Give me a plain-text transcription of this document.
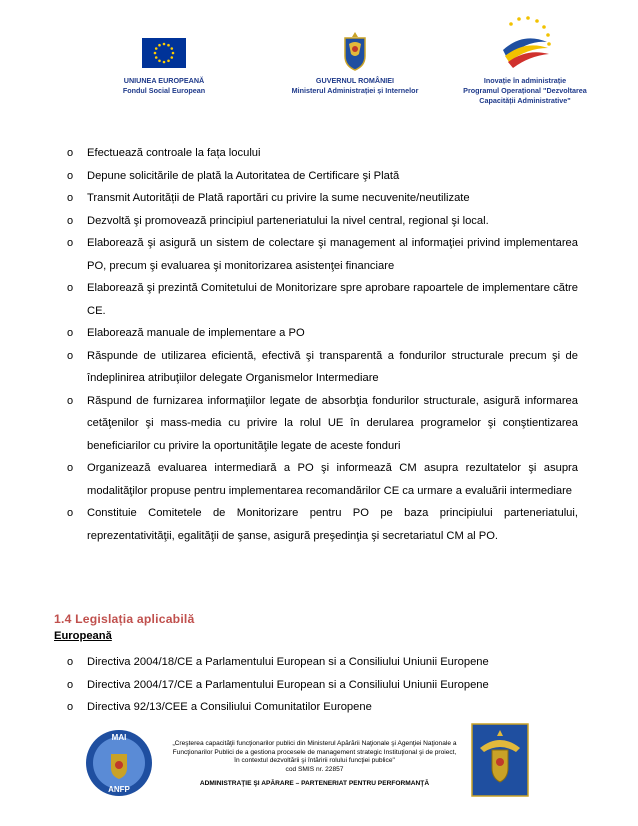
UNIUNEA EUROPEANĂ
Fondul Social European
GUVERNUL ROMÂNIEI
Ministerul Administrației și Internelor
Inovație în administrație
Programul Operațional "Dezvoltarea
Capacității Administrative"
o Efectuează controale la fața locului
o Depune solicitările de plată la Autoritatea de Certificare şi Plată
o Transmit Autorității de Plată raportări cu privire la sume necuvenite/neutilizate
o Dezvoltă şi promovează principiul parteneriatului la nivel central, regional şi local.
o Elaborează şi asigură un sistem de colectare şi management al informaţiei privind implementarea PO, precum şi evaluarea şi monitorizarea asistenţei financiare
o Elaborează şi prezintă Comitetului de Monitorizare spre aprobare rapoartele de implementare către CE.
o Elaborează manuale de implementare a PO
o Răspunde de utilizarea eficientă, efectivă şi transparentă a fondurilor structurale precum şi de îndeplinirea atribuţiilor delegate Organismelor Intermediare
o Răspund de furnizarea informaţiilor legate de absorbţia fondurilor structurale, asigură informarea cetăţenilor şi mass-media cu privire la rolul UE în derularea programelor şi conştientizarea beneficiarilor cu privire la oportunităţile legate de aceste fonduri
o Organizează evaluarea intermediară a PO şi informează CM asupra rezultatelor şi asupra modalităţilor propuse pentru implementarea recomandărilor CE ca urmare a evaluării intermediare
o Constituie Comitetele de Monitorizare pentru PO pe baza principiului parteneriatului, reprezentativităţii, egalităţii de şanse, asigură preşedinţia şi secretariatul CM al PO.
1.4 Legislația aplicabilă
Europeană
o Directiva 2004/18/CE a Parlamentului European si a Consiliului Uniunii Europene
o Directiva 2004/17/CE a Parlamentului European si a Consiliului Uniunii Europene
o Directiva 92/13/CEE a Consiliului Comunitatilor Europene
MAI
ANFP
„Creşterea capacităţii funcţionarilor publici din Ministerul Apărării Naţionale şi Agenţiei Naţionale a
Funcţionarilor Publici de a gestiona procesele de management strategic Instituţional şi de proiect,
în contextul dezvoltării şi întăririi rolului funcţiei publice"
cod SMIS nr. 22857
ADMINISTRAŢIE ŞI APĂRARE – PARTENERIAT PENTRU PERFORMANŢĂ
